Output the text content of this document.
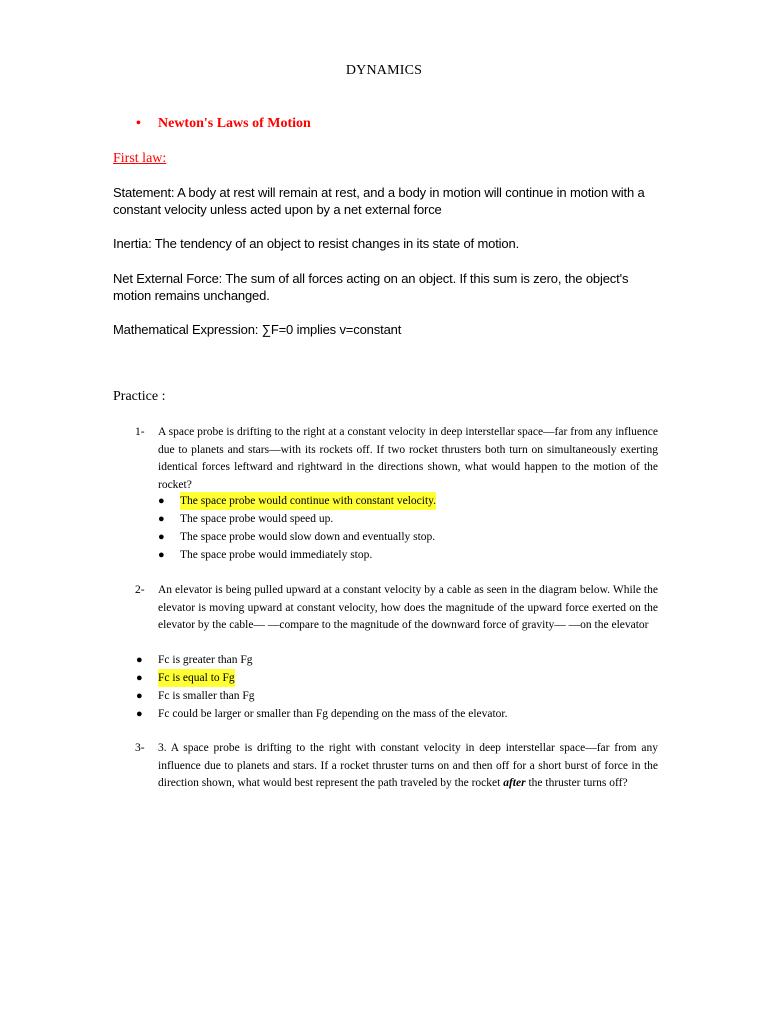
DYNAMICS
• Newton's Laws of Motion
First law:
Statement: A body at rest will remain at rest, and a body in motion will continue in motion with a constant velocity unless acted upon by a net external force
Inertia: The tendency of an object to resist changes in its state of motion.
Net External Force: The sum of all forces acting on an object. If this sum is zero, the object's motion remains unchanged.
Mathematical Expression: ∑F=0 implies v=constant
Practice :
1- A space probe is drifting to the right at a constant velocity in deep interstellar space—far from any influence due to planets and stars—with its rockets off. If two rocket thrusters both turn on simultaneously exerting identical forces leftward and rightward in the directions shown, what would happen to the motion of the rocket?
● The space probe would continue with constant velocity.
● The space probe would speed up.
● The space probe would slow down and eventually stop.
● The space probe would immediately stop.
2- An elevator is being pulled upward at a constant velocity by a cable as seen in the diagram below. While the elevator is moving upward at constant velocity, how does the magnitude of the upward force exerted on the elevator by the cable— —compare to the magnitude of the downward force of gravity— —on the elevator
● Fc is greater than Fg
● Fc is equal to Fg
● Fc is smaller than Fg
● Fc could be larger or smaller than Fg depending on the mass of the elevator.
3- 3. A space probe is drifting to the right with constant velocity in deep interstellar space—far from any influence due to planets and stars. If a rocket thruster turns on and then off for a short burst of force in the direction shown, what would best represent the path traveled by the rocket after the thruster turns off?
